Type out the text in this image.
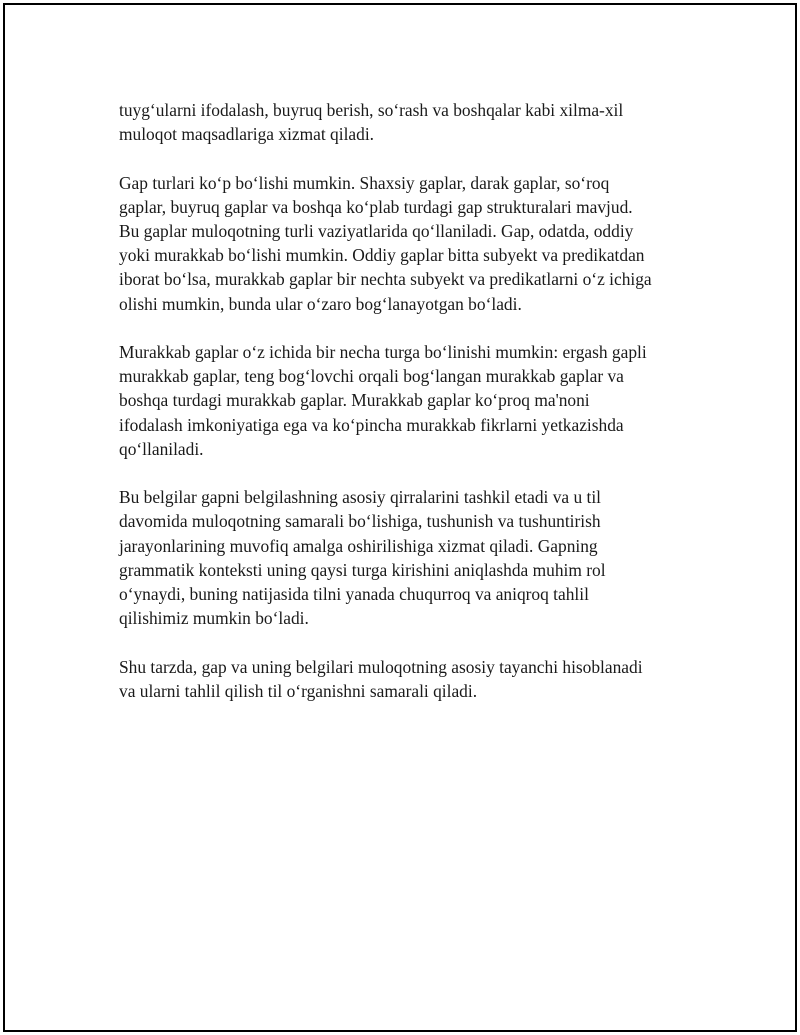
tuyg‘ularni ifodalash, buyruq berish, so‘rash va boshqalar kabi xilma-xil
muloqot maqsadlariga xizmat qiladi.

Gap turlari ko‘p bo‘lishi mumkin. Shaxsiy gaplar, darak gaplar, so‘roq
gaplar, buyruq gaplar va boshqa ko‘plab turdagi gap strukturalari mavjud.
Bu gaplar muloqotning turli vaziyatlarida qo‘llaniladi. Gap, odatda, oddiy
yoki murakkab bo‘lishi mumkin. Oddiy gaplar bitta subyekt va predikatdan
iborat bo‘lsa, murakkab gaplar bir nechta subyekt va predikatlarni o‘z ichiga
olishi mumkin, bunda ular o‘zaro bog‘lanayotgan bo‘ladi.

Murakkab gaplar o‘z ichida bir necha turga bo‘linishi mumkin: ergash gapli
murakkab gaplar, teng bog‘lovchi orqali bog‘langan murakkab gaplar va
boshqa turdagi murakkab gaplar. Murakkab gaplar ko‘proq ma'noni
ifodalash imkoniyatiga ega va ko‘pincha murakkab fikrlarni yetkazishda
qo‘llaniladi.

Bu belgilar gapni belgilashning asosiy qirralarini tashkil etadi va u til
davomida muloqotning samarali bo‘lishiga, tushunish va tushuntirish
jarayonlarining muvofiq amalga oshirilishiga xizmat qiladi. Gapning
grammatik konteksti uning qaysi turga kirishini aniqlashda muhim rol
o‘ynaydi, buning natijasida tilni yanada chuqurroq va aniqroq tahlil
qilishimiz mumkin bo‘ladi.

Shu tarzda, gap va uning belgilari muloqotning asosiy tayanchi hisoblanadi
va ularni tahlil qilish til o‘rganishni samarali qiladi.
